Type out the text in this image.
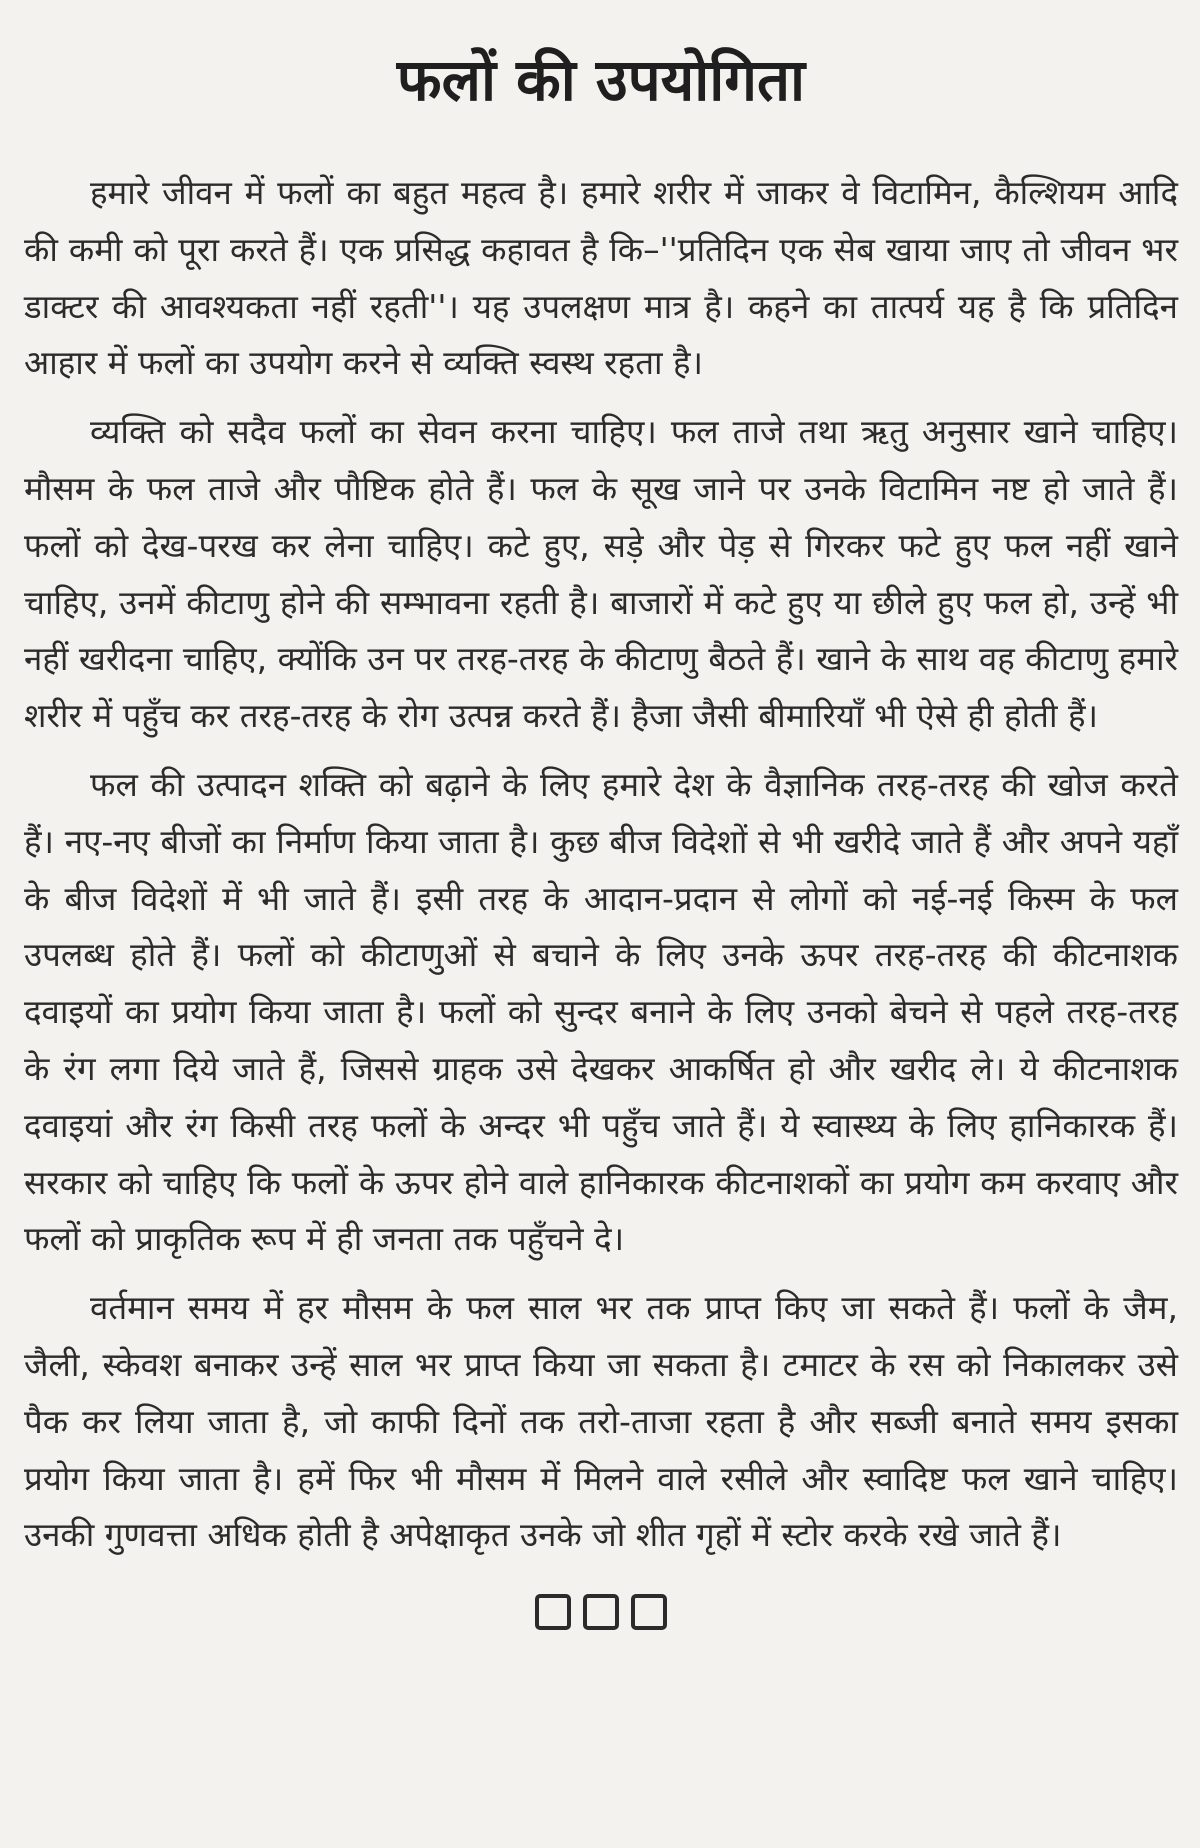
फलों की उपयोगिता

हमारे जीवन में फलों का बहुत महत्व है। हमारे शरीर में जाकर वे विटामिन, कैल्शियम आदि की कमी को पूरा करते हैं। एक प्रसिद्ध कहावत है कि–''प्रतिदिन एक सेब खाया जाए तो जीवन भर डाक्टर की आवश्यकता नहीं रहती''। यह उपलक्षण मात्र है। कहने का तात्पर्य यह है कि प्रतिदिन आहार में फलों का उपयोग करने से व्यक्ति स्वस्थ रहता है।

व्यक्ति को सदैव फलों का सेवन करना चाहिए। फल ताजे तथा ऋतु अनुसार खाने चाहिए। मौसम के फल ताजे और पौष्टिक होते हैं। फल के सूख जाने पर उनके विटामिन नष्ट हो जाते हैं। फलों को देख-परख कर लेना चाहिए। कटे हुए, सड़े और पेड़ से गिरकर फटे हुए फल नहीं खाने चाहिए, उनमें कीटाणु होने की सम्भावना रहती है। बाजारों में कटे हुए या छीले हुए फल हो, उन्हें भी नहीं खरीदना चाहिए, क्योंकि उन पर तरह-तरह के कीटाणु बैठते हैं। खाने के साथ वह कीटाणु हमारे शरीर में पहुँच कर तरह-तरह के रोग उत्पन्न करते हैं। हैजा जैसी बीमारियाँ भी ऐसे ही होती हैं।

फल की उत्पादन शक्ति को बढ़ाने के लिए हमारे देश के वैज्ञानिक तरह-तरह की खोज करते हैं। नए-नए बीजों का निर्माण किया जाता है। कुछ बीज विदेशों से भी खरीदे जाते हैं और अपने यहाँ के बीज विदेशों में भी जाते हैं। इसी तरह के आदान-प्रदान से लोगों को नई-नई किस्म के फल उपलब्ध होते हैं। फलों को कीटाणुओं से बचाने के लिए उनके ऊपर तरह-तरह की कीटनाशक दवाइयों का प्रयोग किया जाता है। फलों को सुन्दर बनाने के लिए उनको बेचने से पहले तरह-तरह के रंग लगा दिये जाते हैं, जिससे ग्राहक उसे देखकर आकर्षित हो और खरीद ले। ये कीटनाशक दवाइयां और रंग किसी तरह फलों के अन्दर भी पहुँच जाते हैं। ये स्वास्थ्य के लिए हानिकारक हैं। सरकार को चाहिए कि फलों के ऊपर होने वाले हानिकारक कीटनाशकों का प्रयोग कम करवाए और फलों को प्राकृतिक रूप में ही जनता तक पहुँचने दे।

वर्तमान समय में हर मौसम के फल साल भर तक प्राप्त किए जा सकते हैं। फलों के जैम, जैली, स्केवश बनाकर उन्हें साल भर प्राप्त किया जा सकता है। टमाटर के रस को निकालकर उसे पैक कर लिया जाता है, जो काफी दिनों तक तरो-ताजा रहता है और सब्जी बनाते समय इसका प्रयोग किया जाता है। हमें फिर भी मौसम में मिलने वाले रसीले और स्वादिष्ट फल खाने चाहिए। उनकी गुणवत्ता अधिक होती है अपेक्षाकृत उनके जो शीत गृहों में स्टोर करके रखे जाते हैं।
